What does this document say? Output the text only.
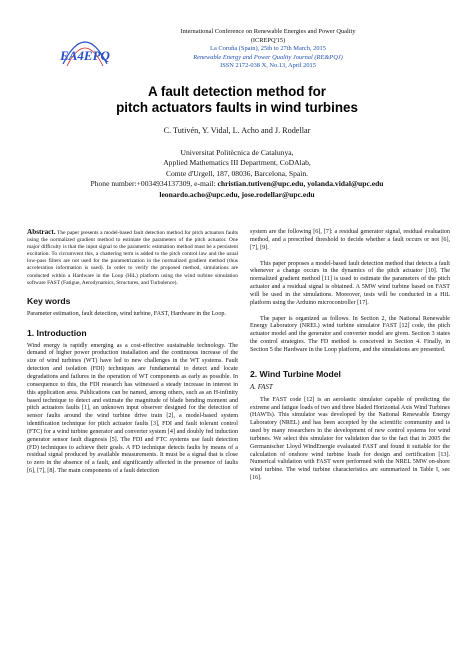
EA4EPQ
International Conference on Renewable Energies and Power Quality
(ICREPQ'15)
La Coruña (Spain), 25th to 27th March, 2015
Renewable Energy and Power Quality Journal (RE&PQJ)
ISSN 2172-038 X, No.13, April 2015
A fault detection method for
pitch actuators faults in wind turbines
C. Tutivén, Y. Vidal, L. Acho and J. Rodellar
Universitat Politècnica de Catalunya,
Applied Mathematics III Department, CoDAlab,
Comte d'Urgell, 187, 08036, Barcelona, Spain.
Phone number:+0034934137309, e-mail: christian.tutiven@upc.edu, yolanda.vidal@upc.edu
leonardo.acho@upc.edu, jose.rodellar@upc.edu

Abstract. The paper presents a model-based fault detection method for pitch actuators faults using the normalized gradient method to estimate the parameters of the pitch actuator. One major difficulty is that the input signal to the parametric estimation method must be a persistent excitation. To circumvent this, a chattering term is added to the pitch control law and the usual low-pass filters are not used for the parametrization in the normalized gradient method (thus acceleration information is used). In order to verify the proposed method, simulations are conducted within a Hardware in the Loop (HiL) platform using the wind turbine simulation software FAST (Fatigue, Aerodynamics, Structures, and Turbulence).

Key words

Parameter estimation, fault detection, wind turbine, FAST, Hardware in the Loop.

1. Introduction

Wind energy is rapidly emerging as a cost-effective sustainable technology. The demand of higher power production installation and the continuous increase of the size of wind turbines (WT) have led to new challenges in the WT systems. Fault detection and isolation (FDI) techniques are fundamental to detect and locate degradations and failures in the operation of WT components as early as possible. In consequence to this, the FDI research has witnessed a steady increase in interest in this application area. Publications can be named, among others, such as an H-infinity based technique to detect and estimate the magnitude of blade bending moment and pitch actuators faults [1], an unknown input observer designed for the detection of sensor faults around the wind turbine drive train [2], a model-based system identification technique for pitch actuator faults [3], FDI and fault tolerant control (FTC) for a wind turbine generator and converter system [4] and doubly fed induction generator sensor fault diagnosis [5]. The FDI and FTC systems use fault detection (FD) techniques to achieve their goals. A FD technique detects faults by means of a residual signal produced by available measurements. It must be a signal that is close to zero in the absence of a fault, and significantly affected in the presence of faults [6], [7], [8]. The main components of a fault detection

system are the following [6], [7]: a residual generator signal, residual evaluation method, and a prescribed threshold to decide whether a fault occurs or not [6], [7], [9].

This paper proposes a model-based fault detection method that detects a fault whenever a change occurs in the dynamics of the pitch actuator [10]. The normalized gradient method [11] is used to estimate the parameters of the pitch actuator and a residual signal is obtained. A 5MW wind turbine based on FAST will be used in the simulations. Moreover, tests will be conducted in a HiL platform using the Arduino microcontroller [17].

The paper is organized as follows. In Section 2, the National Renewable Energy Laboratory (NREL) wind turbine simulator FAST [12] code, the pitch actuator model and the generator and converter model are given. Section 3 states the control strategies. The FD method is conceived in Section 4. Finally, in Section 5 the Hardware in the Loop platform, and the simulations are presented.

2. Wind Turbine Model
A. FAST

The FAST code [12] is an aerolastic simulator capable of predicting the extreme and fatigue loads of two and three bladed Horizontal Axis Wind Turbines (HAWTs). This simulator was developed by the National Renewable Energy Laboratory (NREL) and has been accepted by the scientific community and is used by many researchers in the development of new control systems for wind turbines. We select this simulator for validation due to the fact that in 2005 the Germanischer Lloyd WindEnergie evaluated FAST and found it suitable for the calculation of onshore wind turbine loads for design and certification [13]. Numerical validation with FAST were performed with the NREL 5MW on-shore wind turbine. The wind turbine characteristics are summarized in Table I, see [16].
